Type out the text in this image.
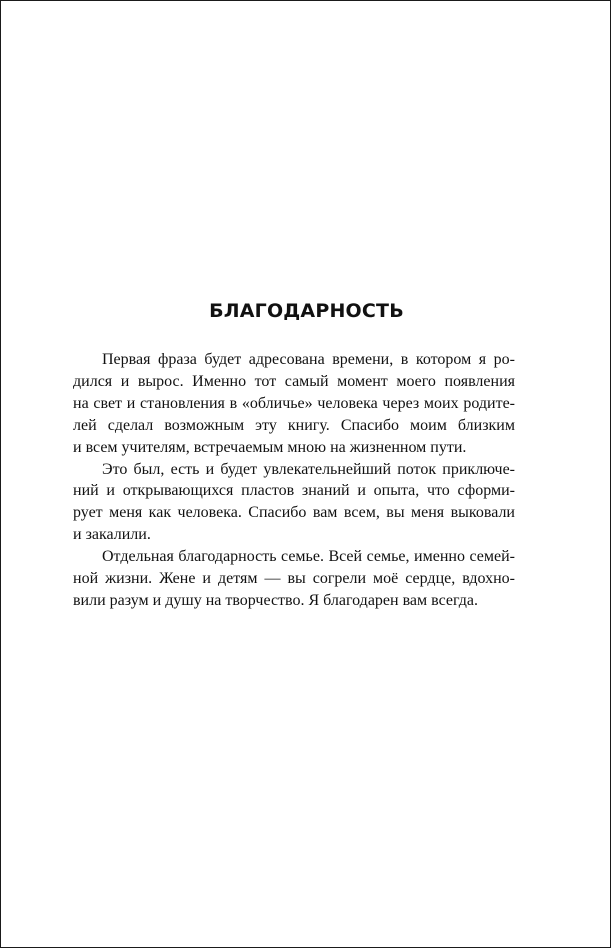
БЛАГОДАРНОСТЬ

Первая фраза будет адресована времени, в котором я ро-
дился и вырос. Именно тот самый момент моего появления
на свет и становления в «обличье» человека через моих родите-
лей сделал возможным эту книгу. Спасибо моим близким
и всем учителям, встречаемым мною на жизненном пути.

Это был, есть и будет увлекательнейший поток приключе-
ний и открывающихся пластов знаний и опыта, что сформи-
рует меня как человека. Спасибо вам всем, вы меня выковали
и закалили.

Отдельная благодарность семье. Всей семье, именно семей-
ной жизни. Жене и детям — вы согрели моё сердце, вдохно-
вили разум и душу на творчество. Я благодарен вам всегда.
